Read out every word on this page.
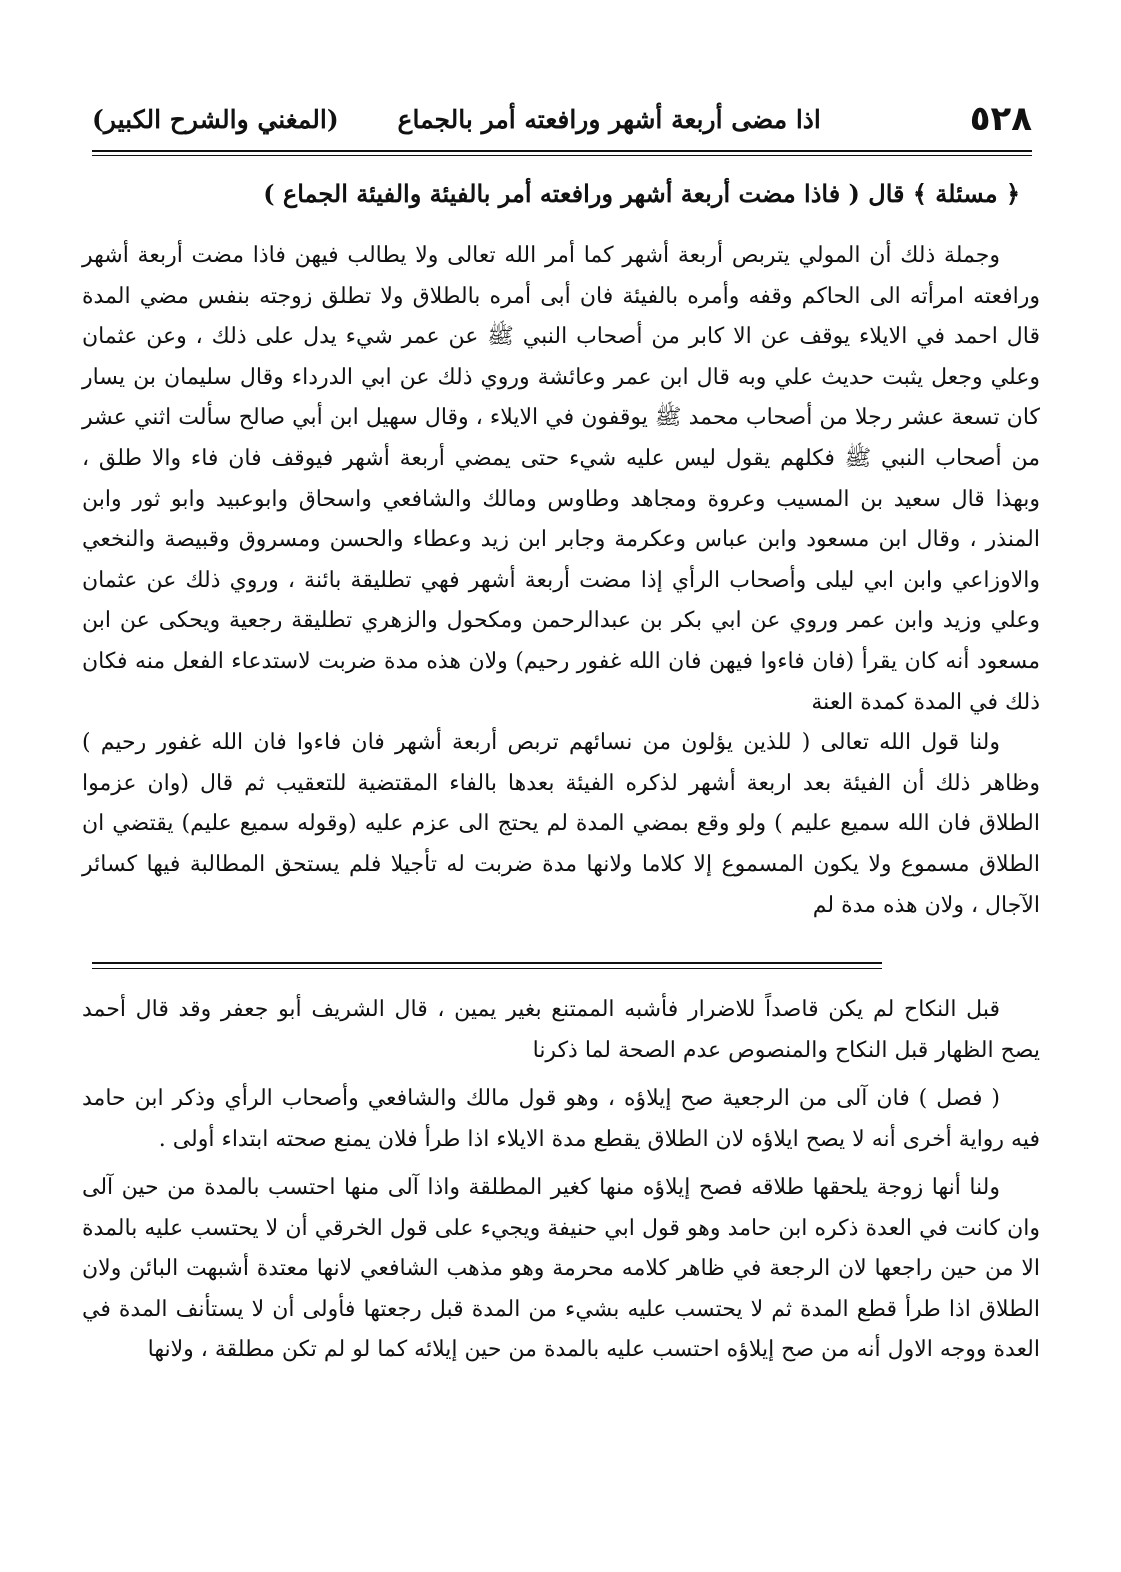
٥٢٨
اذا مضى أربعة أشهر ورافعته أمر بالجماع
(المغني والشرح الكبير)
﴿ مسئلة ﴾ قال ( فاذا مضت أربعة أشهر ورافعته أمر بالفيئة والفيئة الجماع )

وجملة ذلك أن المولي يتربص أربعة أشهر كما أمر الله تعالى ولا يطالب فيهن فاذا مضت أربعة أشهر ورافعته امرأته الى الحاكم وقفه وأمره بالفيئة فان أبى أمره بالطلاق ولا تطلق زوجته بنفس مضي المدة قال احمد في الايلاء يوقف عن الا كابر من أصحاب النبي ﷺ عن عمر شيء يدل على ذلك ، وعن عثمان وعلي وجعل يثبت حديث علي وبه قال ابن عمر وعائشة وروي ذلك عن ابي الدرداء وقال سليمان بن يسار كان تسعة عشر رجلا من أصحاب محمد ﷺ يوقفون في الايلاء ، وقال سهيل ابن أبي صالح سألت اثني عشر من أصحاب النبي ﷺ فكلهم يقول ليس عليه شيء حتى يمضي أربعة أشهر فيوقف فان فاء والا طلق ، وبهذا قال سعيد بن المسيب وعروة ومجاهد وطاوس ومالك والشافعي واسحاق وابوعبيد وابو ثور وابن المنذر ، وقال ابن مسعود وابن عباس وعكرمة وجابر ابن زيد وعطاء والحسن ومسروق وقبيصة والنخعي والاوزاعي وابن ابي ليلى وأصحاب الرأي إذا مضت أربعة أشهر فهي تطليقة بائنة ، وروي ذلك عن عثمان وعلي وزيد وابن عمر وروي عن ابي بكر بن عبدالرحمن ومكحول والزهري تطليقة رجعية ويحكى عن ابن مسعود أنه كان يقرأ (فان فاءوا فيهن فان الله غفور رحيم) ولان هذه مدة ضربت لاستدعاء الفعل منه فكان ذلك في المدة كمدة العنة

ولنا قول الله تعالى ( للذين يؤلون من نسائهم تربص أربعة أشهر فان فاءوا فان الله غفور رحيم ) وظاهر ذلك أن الفيئة بعد اربعة أشهر لذكره الفيئة بعدها بالفاء المقتضية للتعقيب ثم قال (وان عزموا الطلاق فان الله سميع عليم ) ولو وقع بمضي المدة لم يحتج الى عزم عليه (وقوله سميع عليم) يقتضي ان الطلاق مسموع ولا يكون المسموع إلا كلاما ولانها مدة ضربت له تأجيلا فلم يستحق المطالبة فيها كسائر الآجال ، ولان هذه مدة لم

قبل النكاح لم يكن قاصداً للاضرار فأشبه الممتنع بغير يمين ، قال الشريف أبو جعفر وقد قال أحمد يصح الظهار قبل النكاح والمنصوص عدم الصحة لما ذكرنا

( فصل ) فان آلى من الرجعية صح إيلاؤه ، وهو قول مالك والشافعي وأصحاب الرأي وذكر ابن حامد فيه رواية أخرى أنه لا يصح ايلاؤه لان الطلاق يقطع مدة الايلاء اذا طرأ فلان يمنع صحته ابتداء أولى .

ولنا أنها زوجة يلحقها طلاقه فصح إيلاؤه منها كغير المطلقة واذا آلى منها احتسب بالمدة من حين آلى وان كانت في العدة ذكره ابن حامد وهو قول ابي حنيفة ويجيء على قول الخرقي أن لا يحتسب عليه بالمدة الا من حين راجعها لان الرجعة في ظاهر كلامه محرمة وهو مذهب الشافعي لانها معتدة أشبهت البائن ولان الطلاق اذا طرأ قطع المدة ثم لا يحتسب عليه بشيء من المدة قبل رجعتها فأولى أن لا يستأنف المدة في العدة ووجه الاول أنه من صح إيلاؤه احتسب عليه بالمدة من حين إيلائه كما لو لم تكن مطلقة ، ولانها
